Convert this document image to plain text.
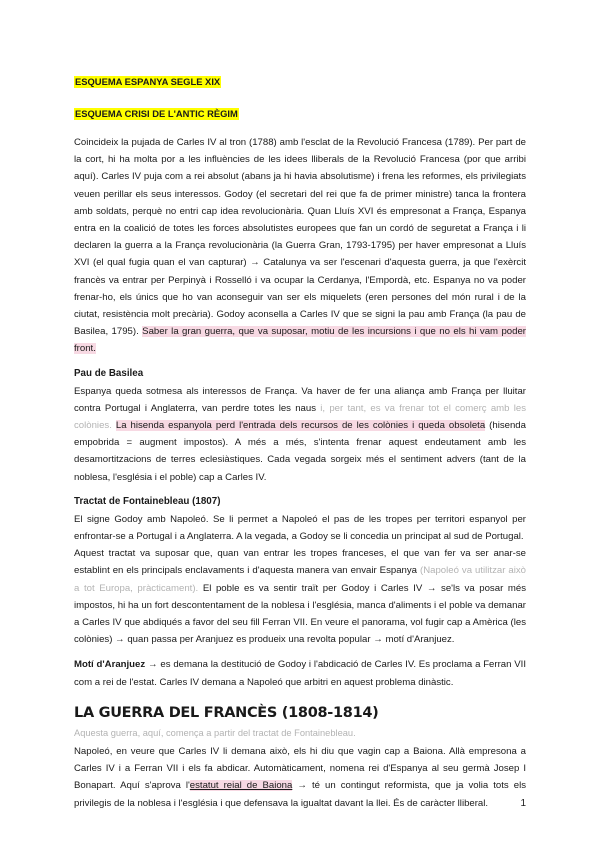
ESQUEMA ESPANYA SEGLE XIX
ESQUEMA CRISI DE L'ANTIC RÈGIM

Coincideix la pujada de Carles IV al tron (1788) amb l'esclat de la Revolució Francesa (1789). Per part de la cort, hi ha molta por a les influències de les idees lliberals de la Revolució Francesa (por que arribi aquí). Carles IV puja com a rei absolut (abans ja hi havia absolutisme) i frena les reformes, els privilegiats veuen perillar els seus interessos. Godoy (el secretari del rei que fa de primer ministre) tanca la frontera amb soldats, perquè no entri cap idea revolucionària. Quan Lluís XVI és empresonat a França, Espanya entra en la coalició de totes les forces absolutistes europees que fan un cordó de seguretat a França i li declaren la guerra a la França revolucionària (la Guerra Gran, 1793-1795) per haver empresonat a Lluís XVI (el qual fugia quan el van capturar) → Catalunya va ser l'escenari d'aquesta guerra, ja que l'exèrcit francès va entrar per Perpinyà i Rosselló i va ocupar la Cerdanya, l'Empordà, etc. Espanya no va poder frenar-ho, els únics que ho van aconseguir van ser els miquelets (eren persones del món rural i de la ciutat, resistència molt precària). Godoy aconsella a Carles IV que se signi la pau amb França (la pau de Basilea, 1795). Saber la gran guerra, que va suposar, motiu de les incursions i que no els hi vam poder front.

Pau de Basilea

Espanya queda sotmesa als interessos de França. Va haver de fer una aliança amb França per lluitar contra Portugal i Anglaterra, van perdre totes les naus i, per tant, es va frenar tot el comerç amb les colònies. La hisenda espanyola perd l'entrada dels recursos de les colònies i queda obsoleta (hisenda empobrida = augment impostos). A més a més, s'intenta frenar aquest endeutament amb les desamortitzacions de terres eclesiàstiques. Cada vegada sorgeix més el sentiment advers (tant de la noblesa, l'església i el poble) cap a Carles IV.

Tractat de Fontainebleau (1807)

El signe Godoy amb Napoleó. Se li permet a Napoleó el pas de les tropes per territori espanyol per enfrontar-se a Portugal i a Anglaterra. A la vegada, a Godoy se li concedia un principat al sud de Portugal.

Aquest tractat va suposar que, quan van entrar les tropes franceses, el que van fer va ser anar-se establint en els principals enclavaments i d'aquesta manera van envair Espanya (Napoleó va utilitzar això a tot Europa, pràcticament). El poble es va sentir traït per Godoy i Carles IV → se'ls va posar més impostos, hi ha un fort descontentament de la noblesa i l'església, manca d'aliments i el poble va demanar a Carles IV que abdiqués a favor del seu fill Ferran VII. En veure el panorama, vol fugir cap a Amèrica (les colònies) → quan passa per Aranjuez es produeix una revolta popular → motí d'Aranjuez.

Motí d'Aranjuez → es demana la destitució de Godoy i l'abdicació de Carles IV. Es proclama a Ferran VII com a rei de l'estat. Carles IV demana a Napoleó que arbitri en aquest problema dinàstic.

LA GUERRA DEL FRANCÈS (1808-1814)
Aquesta guerra, aquí, comença a partir del tractat de Fontainebleau.

Napoleó, en veure que Carles IV li demana això, els hi diu que vagin cap a Baiona. Allà empresona a Carles IV i a Ferran VII i els fa abdicar. Automàticament, nomena rei d'Espanya al seu germà Josep I Bonapart. Aquí s'aprova l'estatut reial de Baiona → té un contingut reformista, que ja volia tots els privilegis de la noblesa i l'església i que defensava la igualtat davant la llei. És de caràcter lliberal.	1
